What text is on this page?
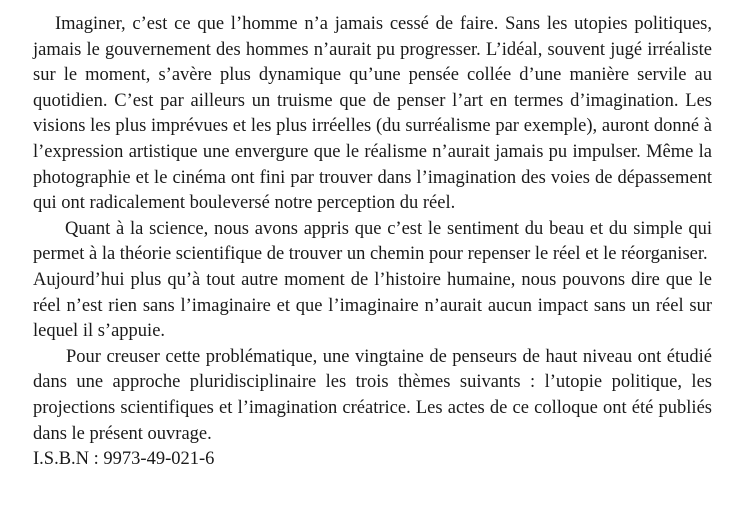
Imaginer, c’est ce que l’homme n’a jamais cessé de faire. Sans les utopies politiques, jamais le gouvernement des hommes n’aurait pu progresser. L’idéal, souvent jugé irréaliste sur le moment, s’avère plus dynamique qu’une pensée collée d’une manière servile au quotidien. C’est par ailleurs un truisme que de penser l’art en termes d’imagination. Les visions les plus imprévues et les plus irréelles (du surréalisme par exemple), auront donné à l’expression artistique une envergure que le réalisme n’aurait jamais pu impulser. Même la photographie et le cinéma ont fini par trouver dans l’imagination des voies de dépassement qui ont radicalement bouleversé notre perception du réel.

Quant à la science, nous avons appris que c’est le sentiment du beau et du simple qui permet à la théorie scientifique de trouver un chemin pour repenser le réel et le réorganiser.

Aujourd’hui plus qu’à tout autre moment de l’histoire humaine, nous pouvons dire que le réel n’est rien sans l’imaginaire et que l’imaginaire n’aurait aucun impact sans un réel sur lequel il s’appuie.

Pour creuser cette problématique, une vingtaine de penseurs de haut niveau ont étudié dans une approche pluridisciplinaire les trois thèmes suivants : l’utopie politique, les projections scientifiques et l’imagination créatrice. Les actes de ce colloque ont été publiés dans le présent ouvrage.

I.S.B.N : 9973-49-021-6
